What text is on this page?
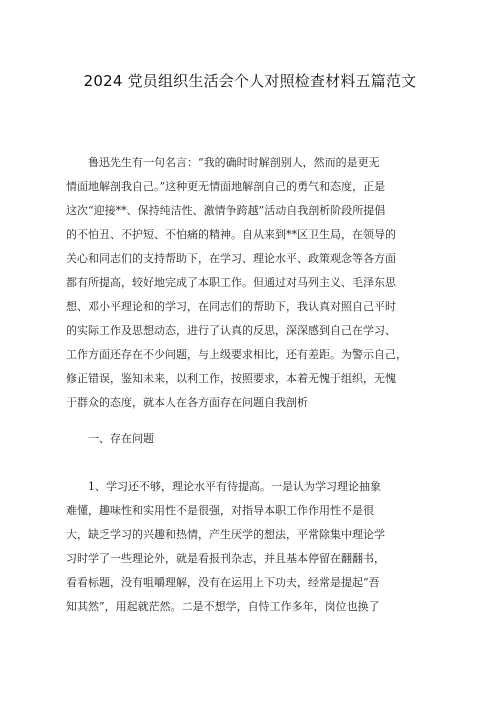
2024 党员组织生活会个人对照检查材料五篇范文
鲁迅先生有一句名言：“我的确时时解剖别人，然而的是更无
情面地解剖我自己。”这种更无情面地解剖自己的勇气和态度，正是
这次“迎接**、保持纯洁性、激情争跨越”活动自我剖析阶段所提倡
的不怕丑、不护短、不怕痛的精神。自从来到**区卫生局，在领导的
关心和同志们的支持帮助下，在学习、理论水平、政策观念等各方面
都有所提高，较好地完成了本职工作。但通过对马列主义、毛泽东思
想、邓小平理论和的学习，在同志们的帮助下，我认真对照自己平时
的实际工作及思想动态，进行了认真的反思，深深感到自己在学习、
工作方面还存在不少问题，与上级要求相比，还有差距。为警示自己，
修正错误，鉴知未来，以利工作，按照要求，本着无愧于组织，无愧
于群众的态度，就本人在各方面存在问题自我剖析
一、存在问题
1、学习还不够，理论水平有待提高。一是认为学习理论抽象
难懂，趣味性和实用性不是很强，对指导本职工作作用性不是很
大，缺乏学习的兴趣和热情，产生厌学的想法，平常除集中理论学
习时学了一些理论外，就是看报刊杂志，并且基本停留在翻翻书，
看看标题，没有咀嚼理解，没有在运用上下功夫，经常是提起“吾
知其然”，用起就茫然。二是不想学，自恃工作多年，岗位也换了
